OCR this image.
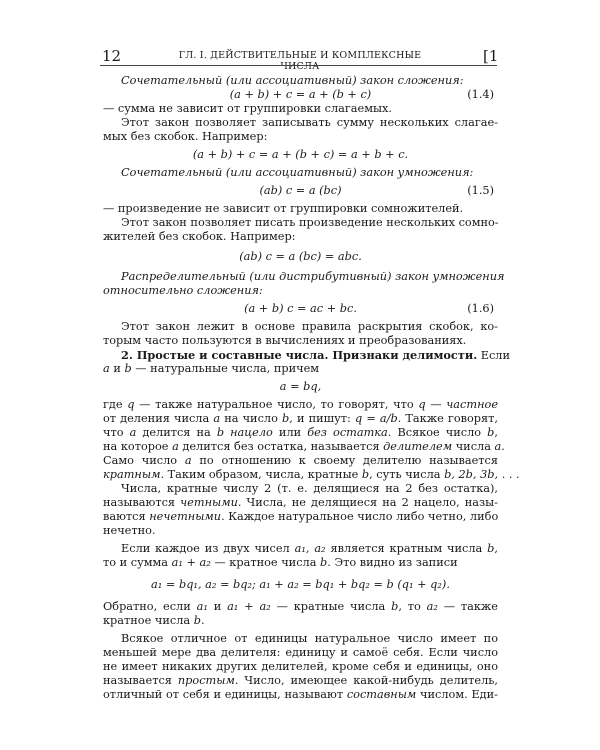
12	ГЛ. I. ДЕЙСТВИТЕЛЬНЫЕ И КОМПЛЕКСНЫЕ ЧИСЛА
[1
Сочетательный (или ассоциативный) закон сложения:
(a + b) + c = a + (b + c)	(1.4)
— сумма не зависит от группировки слагаемых.
Этот закон позволяет записывать сумму нескольких слагае-
мых без скобок. Например:
(a + b) + c = a + (b + c) = a + b + c.
Сочетательный (или ассоциативный) закон умножения:
(ab) c = a (bc)	(1.5)
— произведение не зависит от группировки сомножителей.
Этот закон позволяет писать произведение нескольких сомно-
жителей без скобок. Например:
(ab) c = a (bc) = abc.
Распределительный (или дистрибутивный) закон умножения
относительно сложения:
(a + b) c = ac + bc.	(1.6)
Этот закон лежит в основе правила раскрытия скобок, ко-
торым часто пользуются в вычислениях и преобразованиях.
2. Простые и составные числа. Признаки делимости. Если
a и b — натуральные числа, причем
a = bq,
где q — также натуральное число, то говорят, что q — частное
от деления числа a на число b, и пишут: q = a/b. Также говорят,
что a делится на b нацело или без остатка. Всякое число b,
на которое a делится без остатка, называется делителем числа a.
Само число a по отношению к своему делителю называется
кратным. Таким образом, числа, кратные b, суть числа b, 2b, 3b, . . .
Числа, кратные числу 2 (т. е. делящиеся на 2 без остатка),
называются четными. Числа, не делящиеся на 2 нацело, назы-
ваются нечетными. Каждое натуральное число либо четно, либо
нечетно.
Если каждое из двух чисел a₁, a₂ является кратным числа b,
то и сумма a₁ + a₂ — кратное числа b. Это видно из записи
a₁ = bq₁, a₂ = bq₂; a₁ + a₂ = bq₁ + bq₂ = b (q₁ + q₂).
Обратно, если a₁ и a₁ + a₂ — кратные числа b, то a₂ — также
кратное числа b.
Всякое отличное от единицы натуральное число имеет по
меньшей мере два делителя: единицу и самоё себя. Если число
не имеет никаких других делителей, кроме себя и единицы, оно
называется простым. Число, имеющее какой-нибудь делитель,
отличный от себя и единицы, называют составным числом. Еди-
